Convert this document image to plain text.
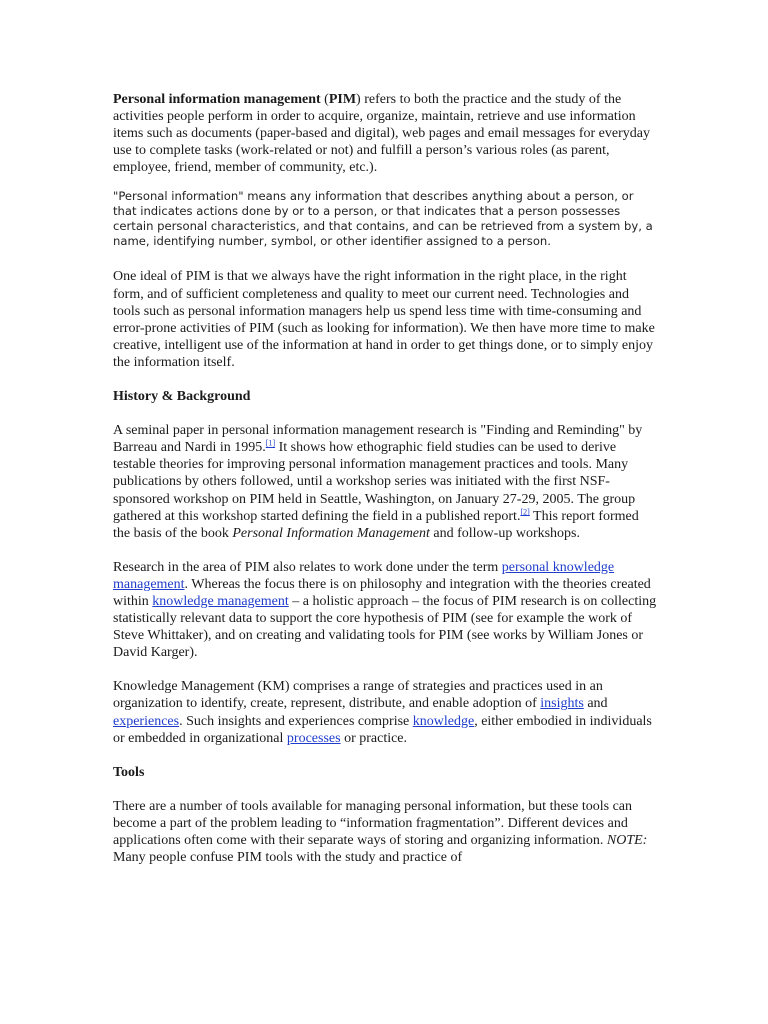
Personal information management (PIM) refers to both the practice and the study of the activities people perform in order to acquire, organize, maintain, retrieve and use information items such as documents (paper-based and digital), web pages and email messages for everyday use to complete tasks (work-related or not) and fulfill a person’s various roles (as parent, employee, friend, member of community, etc.).

"Personal information" means any information that describes anything about a person, or that indicates actions done by or to a person, or that indicates that a person possesses certain personal characteristics, and that contains, and can be retrieved from a system by, a name, identifying number, symbol, or other identifier assigned to a person.

One ideal of PIM is that we always have the right information in the right place, in the right form, and of sufficient completeness and quality to meet our current need. Technologies and tools such as personal information managers help us spend less time with time-consuming and error-prone activities of PIM (such as looking for information). We then have more time to make creative, intelligent use of the information at hand in order to get things done, or to simply enjoy the information itself.

History & Background

A seminal paper in personal information management research is "Finding and Reminding" by Barreau and Nardi in 1995.[1] It shows how ethographic field studies can be used to derive testable theories for improving personal information management practices and tools. Many publications by others followed, until a workshop series was initiated with the first NSF-sponsored workshop on PIM held in Seattle, Washington, on January 27-29, 2005. The group gathered at this workshop started defining the field in a published report.[2] This report formed the basis of the book Personal Information Management and follow-up workshops.

Research in the area of PIM also relates to work done under the term personal knowledge management. Whereas the focus there is on philosophy and integration with the theories created within knowledge management – a holistic approach – the focus of PIM research is on collecting statistically relevant data to support the core hypothesis of PIM (see for example the work of Steve Whittaker), and on creating and validating tools for PIM (see works by William Jones or David Karger).

Knowledge Management (KM) comprises a range of strategies and practices used in an organization to identify, create, represent, distribute, and enable adoption of insights and experiences. Such insights and experiences comprise knowledge, either embodied in individuals or embedded in organizational processes or practice.

Tools

There are a number of tools available for managing personal information, but these tools can become a part of the problem leading to “information fragmentation”. Different devices and applications often come with their separate ways of storing and organizing information. NOTE: Many people confuse PIM tools with the study and practice of
